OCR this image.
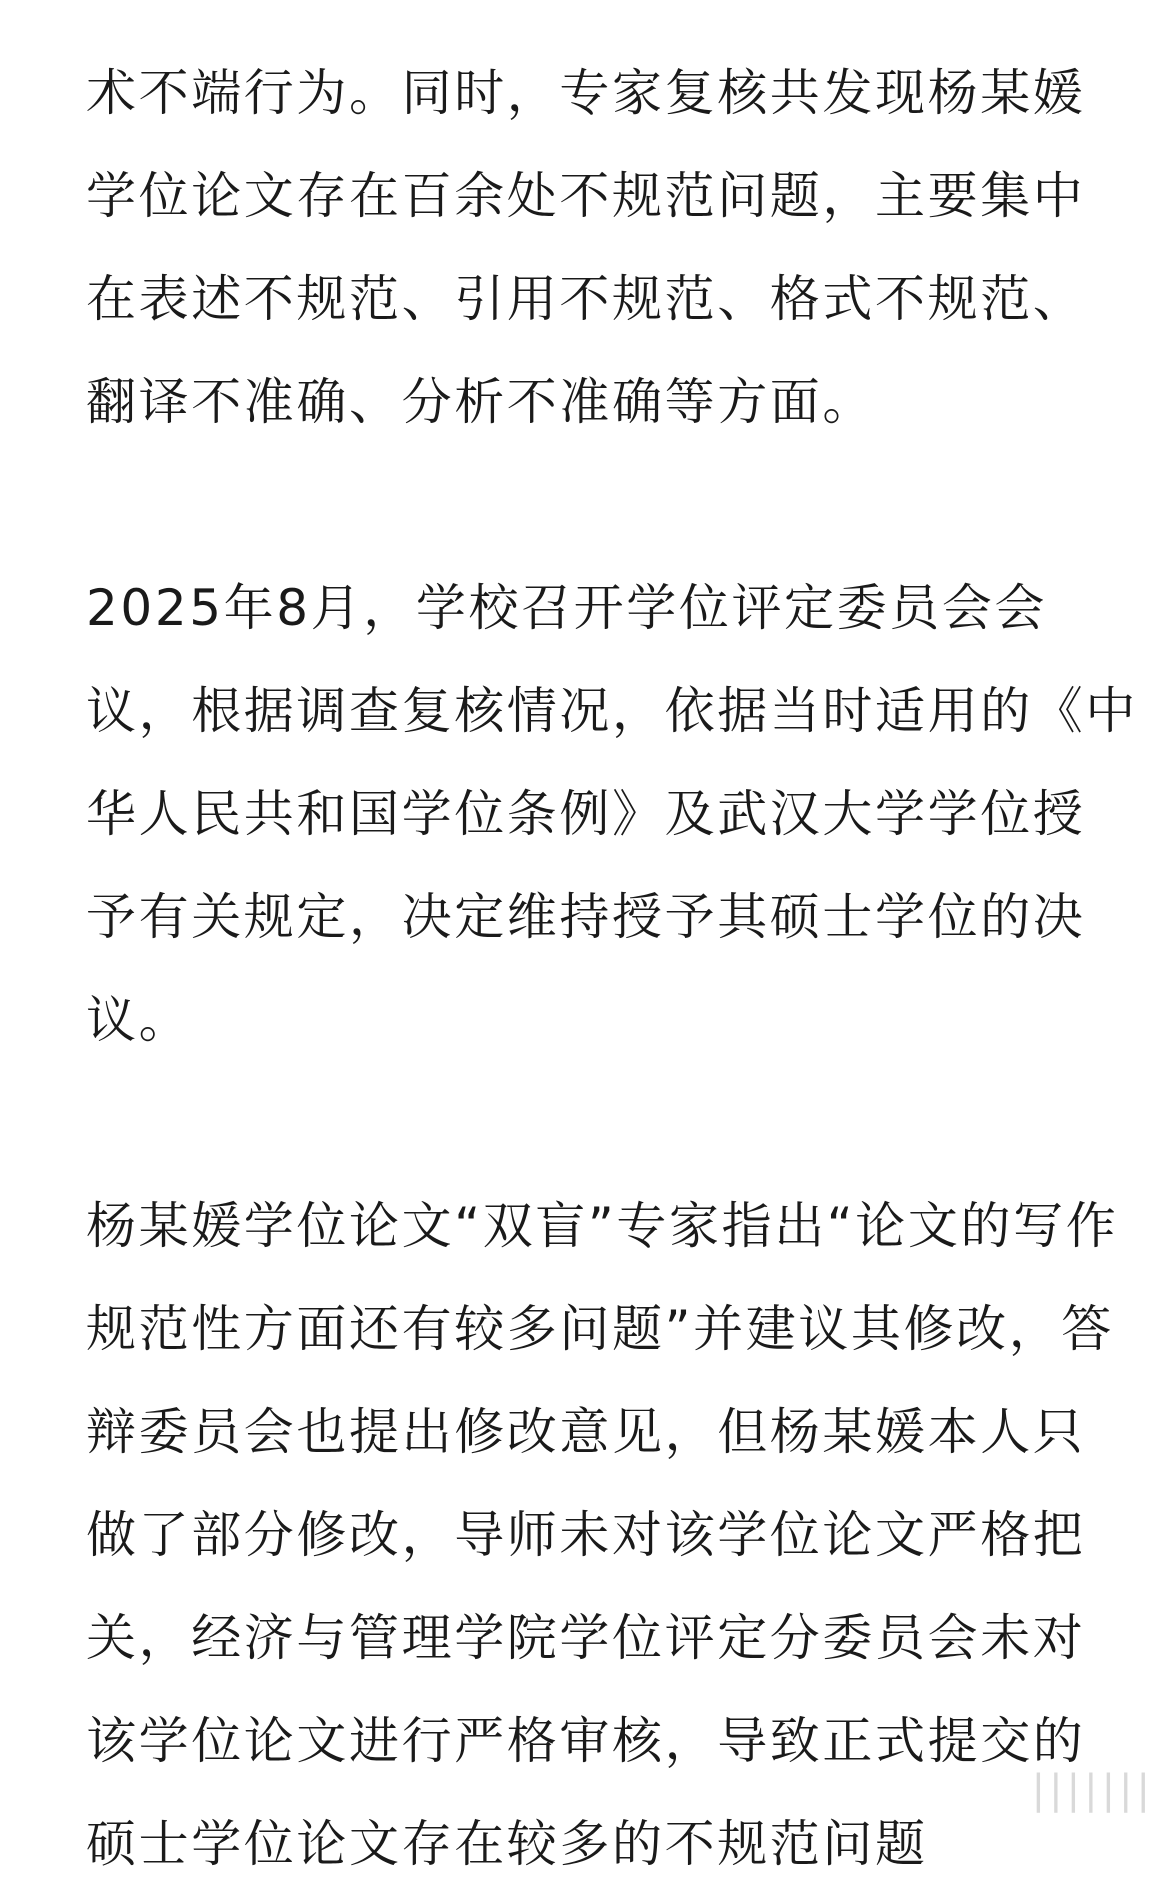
术不端行为。同时，专家复核共发现杨某媛
学位论文存在百余处不规范问题，主要集中
在表述不规范、引用不规范、格式不规范、
翻译不准确、分析不准确等方面。

2025年8月，学校召开学位评定委员会会
议，根据调查复核情况，依据当时适用的《中
华人民共和国学位条例》及武汉大学学位授
予有关规定，决定维持授予其硕士学位的决
议。

杨某媛学位论文“双盲”专家指出“论文的写作
规范性方面还有较多问题”并建议其修改，答
辩委员会也提出修改意见，但杨某媛本人只
做了部分修改，导师未对该学位论文严格把
关，经济与管理学院学位评定分委员会未对
该学位论文进行严格审核，导致正式提交的
硕士学位论文存在较多的不规范问题

|||||||
